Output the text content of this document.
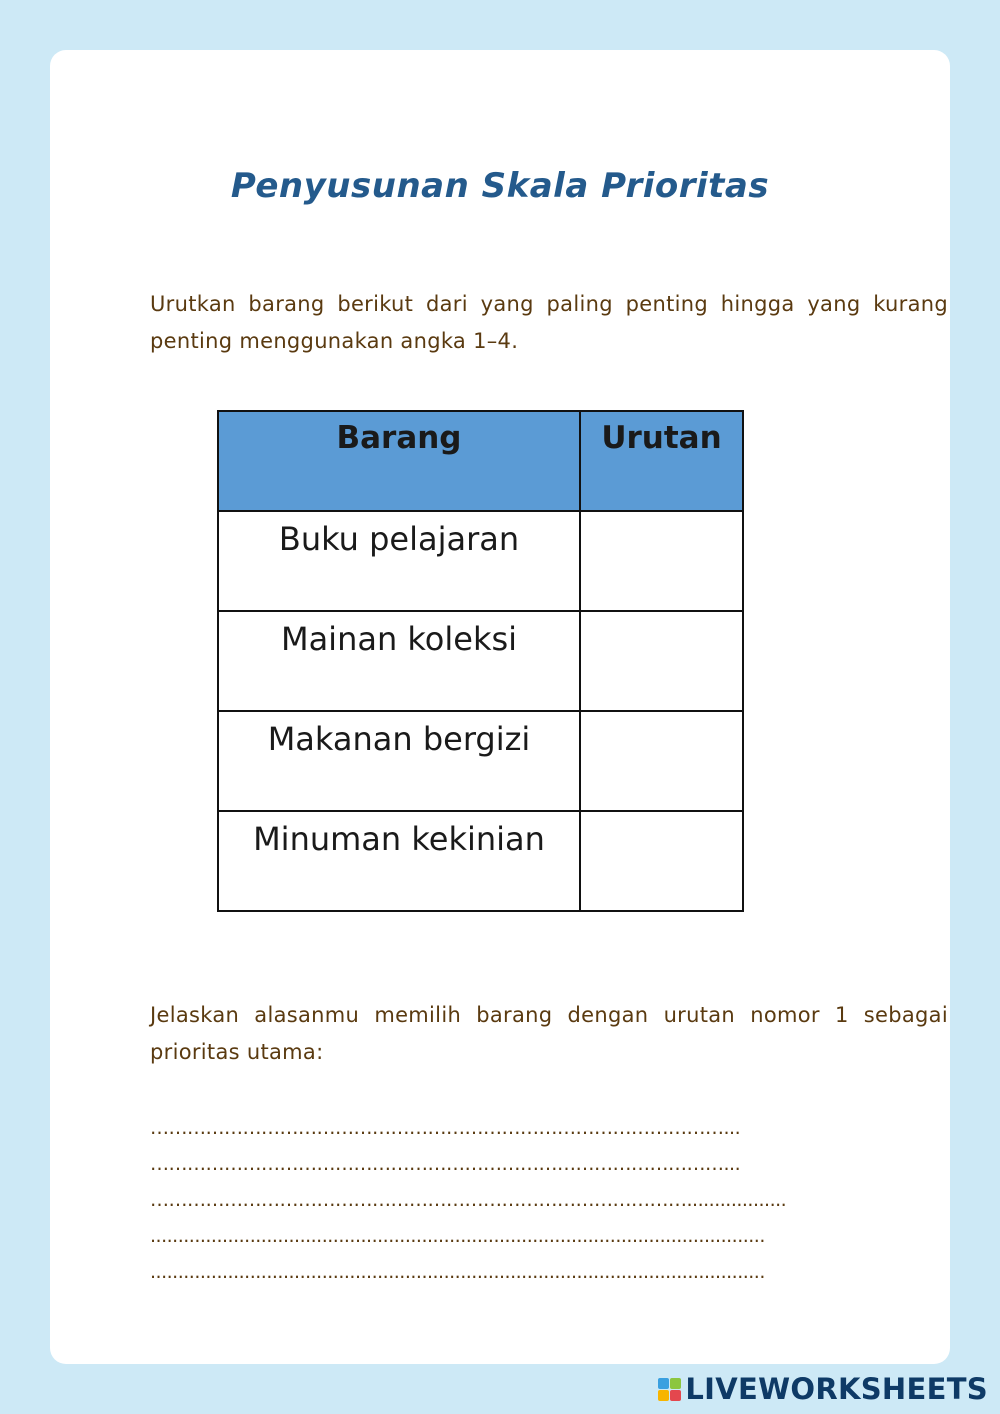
Penyusunan Skala Prioritas
Urutkan barang berikut dari yang paling penting hingga yang kurang penting menggunakan angka 1–4.
Barang	Urutan
Buku pelajaran	
Mainan koleksi	
Makanan bergizi	
Minuman kekinian	
Jelaskan alasanmu memilih barang dengan urutan nomor 1 sebagai prioritas utama:
…………………………………………………………………………………...
…………………………………………………………………………………...
……………………………………………………………………………..................
...............................................................................................................
...............................................................................................................
LIVEWORKSHEETS
